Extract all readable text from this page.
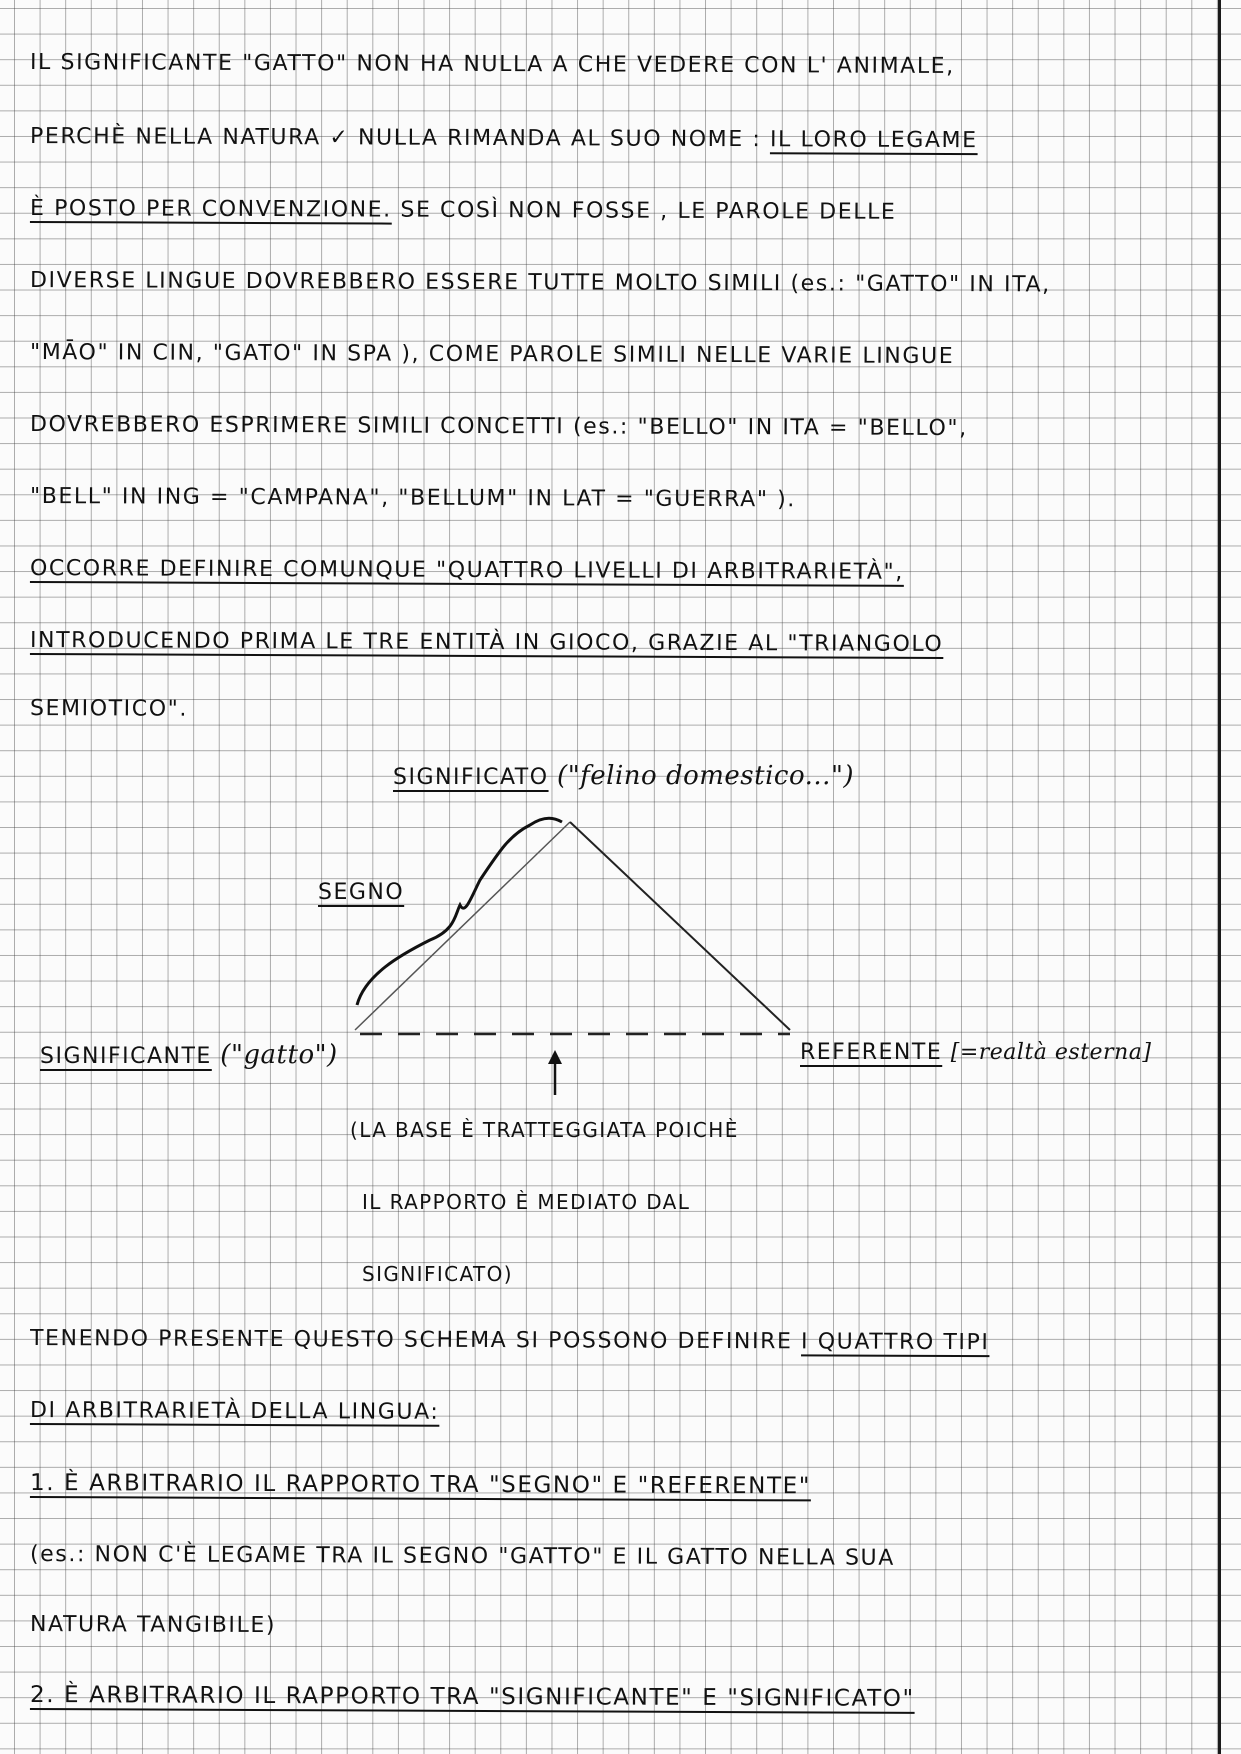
IL SIGNIFICANTE "GATTO" NON HA NULLA A CHE VEDERE CON L' ANIMALE,
PERCHÈ NELLA NATURA ✓ NULLA RIMANDA AL SUO NOME : IL LORO LEGAME
È POSTO PER CONVENZIONE. SE COSÌ NON FOSSE , LE PAROLE DELLE
DIVERSE LINGUE DOVREBBERO ESSERE TUTTE MOLTO SIMILI (es.: "GATTO" IN ITA,
"MĀO" IN CIN, "GATO" IN SPA ), COME PAROLE SIMILI NELLE VARIE LINGUE
DOVREBBERO ESPRIMERE SIMILI CONCETTI (es.: "BELLO" IN ITA = "BELLO",
"BELL" IN ING = "CAMPANA", "BELLUM" IN LAT = "GUERRA" ).
OCCORRE DEFINIRE COMUNQUE "QUATTRO LIVELLI DI ARBITRARIETÀ",
INTRODUCENDO PRIMA LE TRE ENTITÀ IN GIOCO, GRAZIE AL "TRIANGOLO
SEMIOTICO".
SIGNIFICATO ("felino domestico...")
SEGNO
SIGNIFICANTE ("gatto")	REFERENTE [=realtà esterna]
(LA BASE È TRATTEGGIATA POICHÈ
IL RAPPORTO È MEDIATO DAL
SIGNIFICATO)
TENENDO PRESENTE QUESTO SCHEMA SI POSSONO DEFINIRE I QUATTRO TIPI
DI ARBITRARIETÀ DELLA LINGUA:
1. È ARBITRARIO IL RAPPORTO TRA "SEGNO" E "REFERENTE"
(es.: NON C'È LEGAME TRA IL SEGNO "GATTO" E IL GATTO NELLA SUA
NATURA TANGIBILE)
2. È ARBITRARIO IL RAPPORTO TRA "SIGNIFICANTE" E "SIGNIFICATO"
